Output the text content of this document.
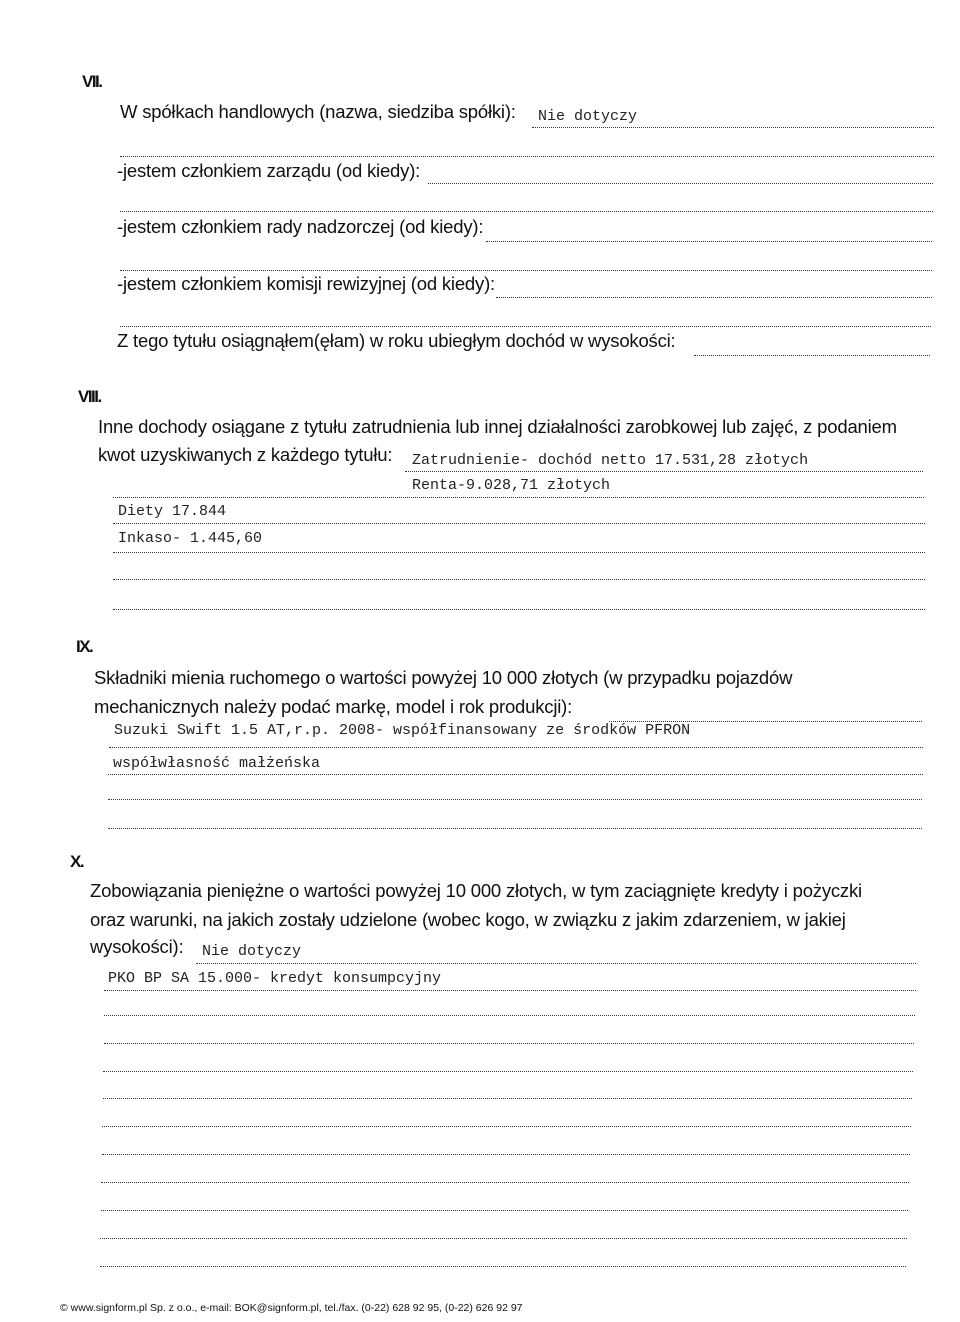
VII.
W spółkach handlowych (nazwa, siedziba spółki): Nie dotyczy
-jestem członkiem zarządu (od kiedy):
-jestem członkiem rady nadzorczej (od kiedy):
-jestem członkiem komisji rewizyjnej (od kiedy):
Z tego tytułu osiągnąłem(ęłam) w roku ubiegłym dochód w wysokości:
VIII.
Inne dochody osiągane z tytułu zatrudnienia lub innej działalności zarobkowej lub zajęć, z podaniem
kwot uzyskiwanych z każdego tytułu: Zatrudnienie- dochód netto 17.531,28 złotych
Renta-9.028,71 złotych
Diety 17.844
Inkaso- 1.445,60
IX.
Składniki mienia ruchomego o wartości powyżej 10 000 złotych (w przypadku pojazdów
mechanicznych należy podać markę, model i rok produkcji):
Suzuki Swift 1.5 AT,r.p. 2008- współfinansowany ze środków PFRON
współwłasność małżeńska
X.
Zobowiązania pieniężne o wartości powyżej 10 000 złotych, w tym zaciągnięte kredyty i pożyczki
oraz warunki, na jakich zostały udzielone (wobec kogo, w związku z jakim zdarzeniem, w jakiej
wysokości): Nie dotyczy
PKO BP SA 15.000- kredyt konsumpcyjny
© www.signform.pl Sp. z o.o., e-mail: BOK@signform.pl, tel./fax. (0-22) 628 92 95, (0-22) 626 92 97
